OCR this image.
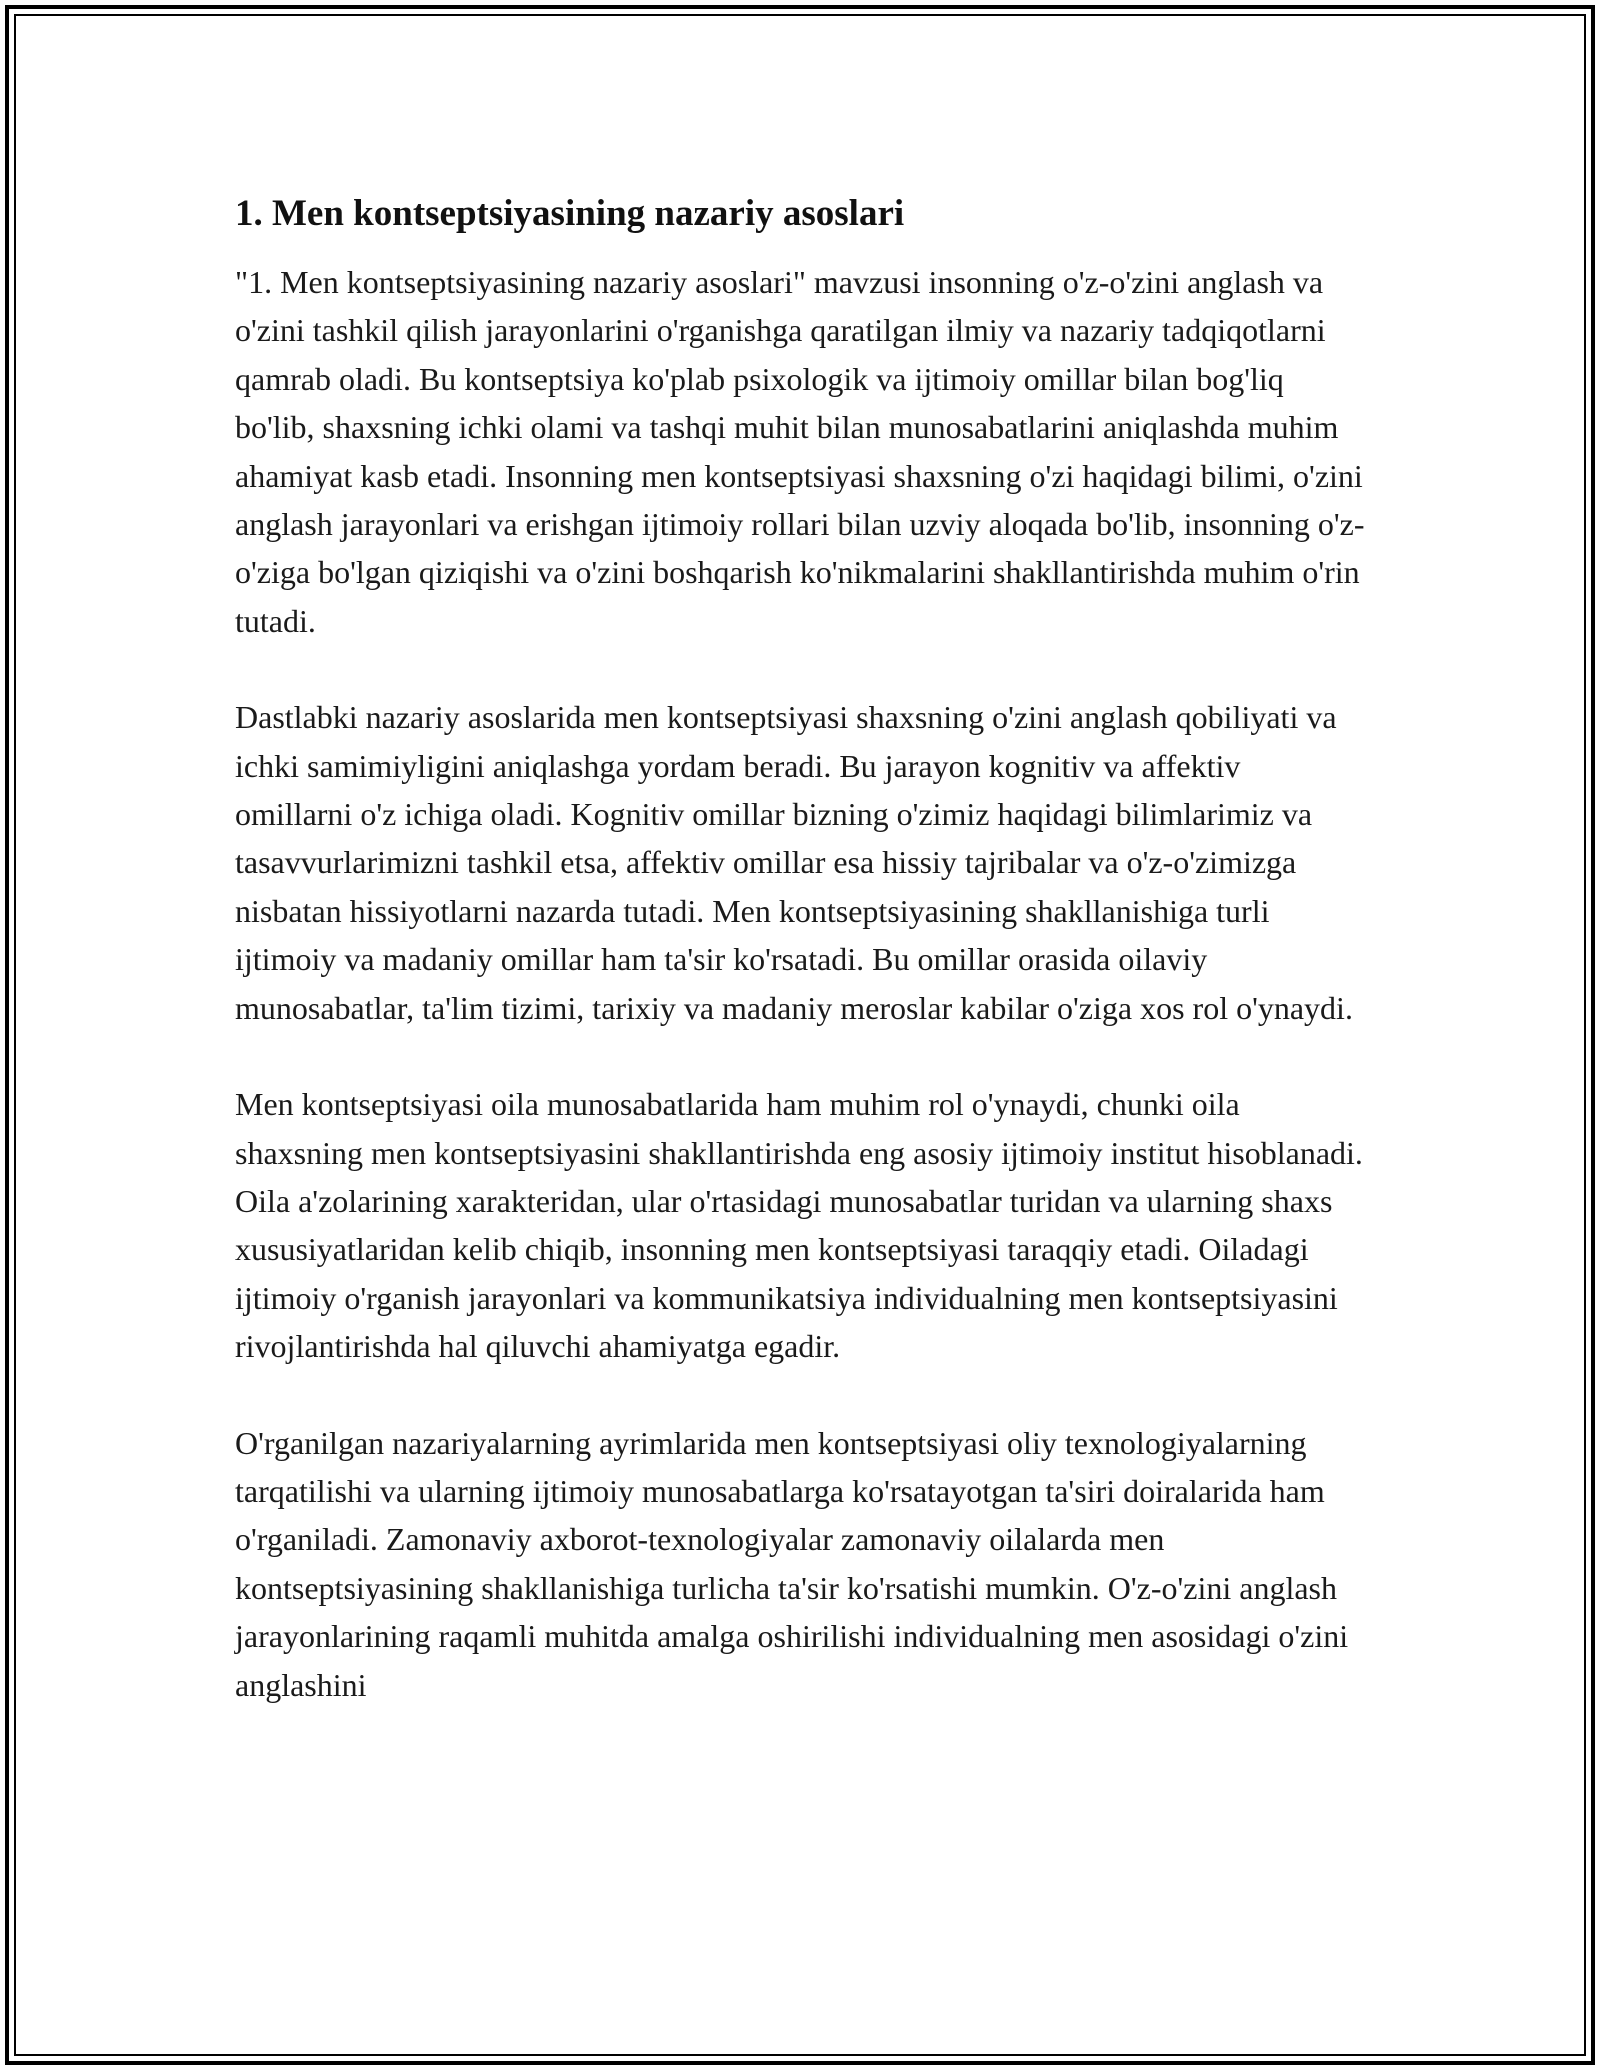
1. Men kontseptsiyasining nazariy asoslari

"1. Men kontseptsiyasining nazariy asoslari" mavzusi insonning o'z-o'zini anglash va o'zini tashkil qilish jarayonlarini o'rganishga qaratilgan ilmiy va nazariy tadqiqotlarni qamrab oladi. Bu kontseptsiya ko'plab psixologik va ijtimoiy omillar bilan bog'liq bo'lib, shaxsning ichki olami va tashqi muhit bilan munosabatlarini aniqlashda muhim ahamiyat kasb etadi. Insonning men kontseptsiyasi shaxsning o'zi haqidagi bilimi, o'zini anglash jarayonlari va erishgan ijtimoiy rollari bilan uzviy aloqada bo'lib, insonning o'z-o'ziga bo'lgan qiziqishi va o'zini boshqarish ko'nikmalarini shakllantirishda muhim o'rin tutadi.

Dastlabki nazariy asoslarida men kontseptsiyasi shaxsning o'zini anglash qobiliyati va ichki samimiyligini aniqlashga yordam beradi. Bu jarayon kognitiv va affektiv omillarni o'z ichiga oladi. Kognitiv omillar bizning o'zimiz haqidagi bilimlarimiz va tasavvurlarimizni tashkil etsa, affektiv omillar esa hissiy tajribalar va o'z-o'zimizga nisbatan hissiyotlarni nazarda tutadi. Men kontseptsiyasining shakllanishiga turli ijtimoiy va madaniy omillar ham ta'sir ko'rsatadi. Bu omillar orasida oilaviy munosabatlar, ta'lim tizimi, tarixiy va madaniy meroslar kabilar o'ziga xos rol o'ynaydi.

Men kontseptsiyasi oila munosabatlarida ham muhim rol o'ynaydi, chunki oila shaxsning men kontseptsiyasini shakllantirishda eng asosiy ijtimoiy institut hisoblanadi. Oila a'zolarining xarakteridan, ular o'rtasidagi munosabatlar turidan va ularning shaxs xususiyatlaridan kelib chiqib, insonning men kontseptsiyasi taraqqiy etadi. Oiladagi ijtimoiy o'rganish jarayonlari va kommunikatsiya individualning men kontseptsiyasini rivojlantirishda hal qiluvchi ahamiyatga egadir.

O'rganilgan nazariyalarning ayrimlarida men kontseptsiyasi oliy texnologiyalarning tarqatilishi va ularning ijtimoiy munosabatlarga ko'rsatayotgan ta'siri doiralarida ham o'rganiladi. Zamonaviy axborot-texnologiyalar zamonaviy oilalarda men kontseptsiyasining shakllanishiga turlicha ta'sir ko'rsatishi mumkin. O'z-o'zini anglash jarayonlarining raqamli muhitda amalga oshirilishi individualning men asosidagi o'zini anglashini
